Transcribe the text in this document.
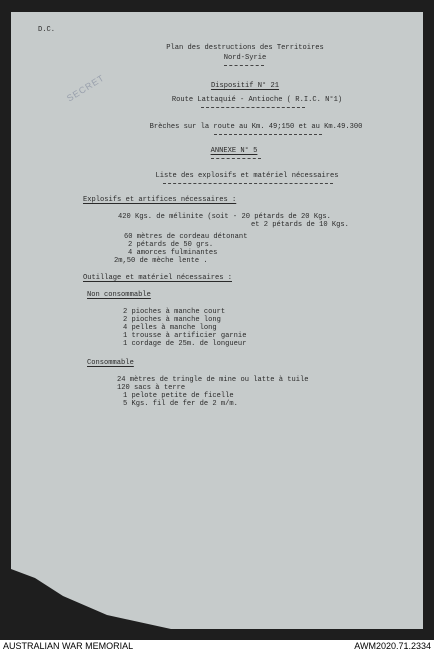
SECRET
D.C.
Plan des destructions des Territoires
Nord-Syrie
Dispositif N° 21
Route Lattaquié - Antioche ( R.I.C. N°1)
Brèches sur la route au Km. 49;150 et au Km.49.300
ANNEXE N° 5
Liste des explosifs et matériel nécessaires
Explosifs et artifices nécessaires :
420 Kgs. de mélinite (soit - 20 pétards de 20 Kgs.
et 2 pétards de 10 Kgs.
60 mètres de cordeau détonant
2 pétards de 50 grs.
4 amorces fulminantes
2m,50 de mèche lente .
Outillage et matériel nécessaires :
Non consommable
2 pioches à manche court
2 pioches à manche long
4 pelles à manche long
1 trousse à artificier garnie
1 cordage de 25m. de longueur
Consommable
24 mètres de tringle de mine ou latte à tuile
120 sacs à terre
1 pelote petite de ficelle
5 Kgs. fil de fer de 2 m/m.
AUSTRALIAN WAR MEMORIAL	AWM2020.71.2334
